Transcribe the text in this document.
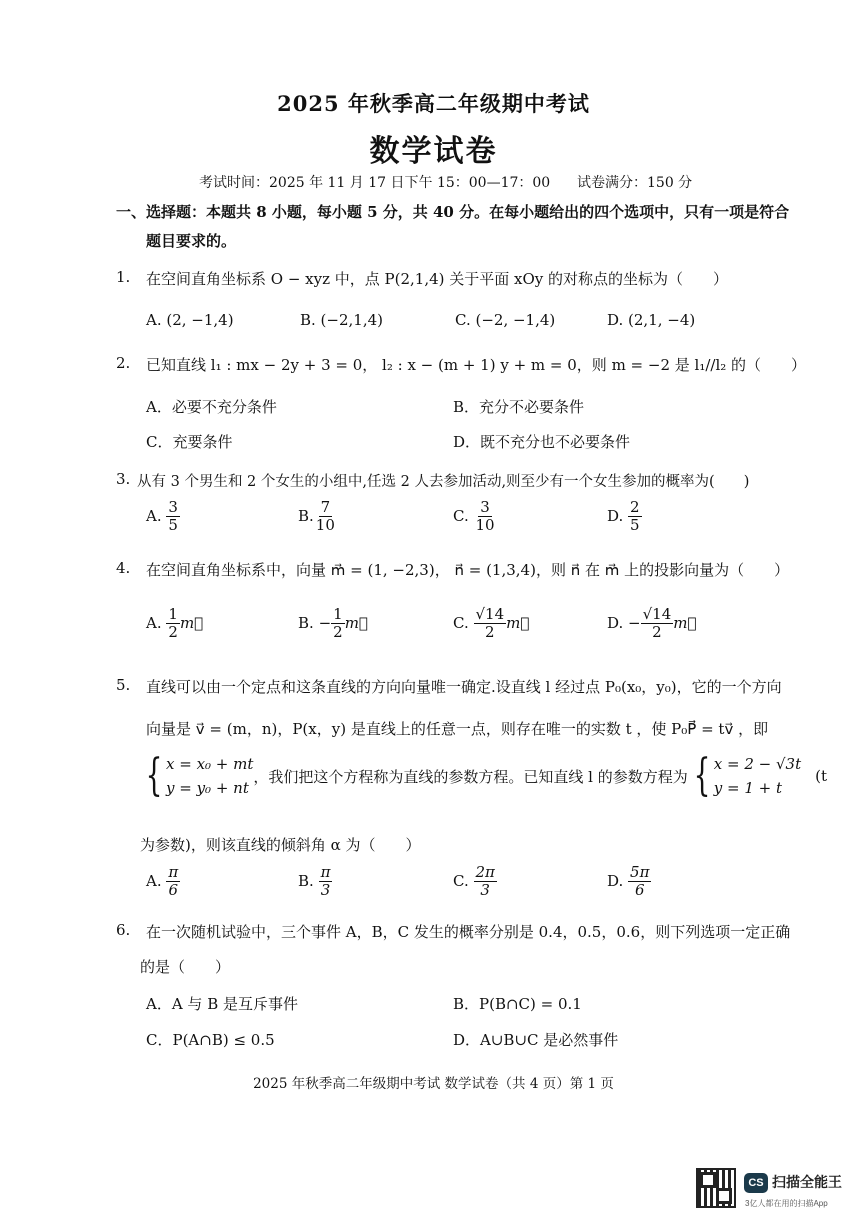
2025 年秋季高二年级期中考试
数学试卷
考试时间：2025 年 11 月 17 日下午 15：00—17：00 试卷满分：150 分
一、选择题：本题共 8 小题，每小题 5 分，共 40 分。在每小题给出的四个选项中，只有一项是符合
题目要求的。
1. 在空间直角坐标系 O − xyz 中，点 P(2,1,4) 关于平面 xOy 的对称点的坐标为（　　）
A. (2, −1,4)	B. (−2,1,4)	C. (−2, −1,4)	D. (2,1, −4)
2. 已知直线 l₁ : mx − 2y + 3 = 0， l₂ : x − (m + 1) y + m = 0，则 m = −2 是 l₁//l₂ 的（　　）
A．必要不充分条件	B．充分不必要条件
C．充要条件	D．既不充分也不必要条件
3. 从有 3 个男生和 2 个女生的小组中,任选 2 人去参加活动,则至少有一个女生参加的概率为(　　)
A. $\frac{3}{5}$	B. $\frac{7}{10}$	C. $\frac{3}{10}$	D. $\frac{2}{5}$
4. 在空间直角坐标系中，向量 m⃗ = (1, −2,3)， n⃗ = (1,3,4)，则 n⃗ 在 m⃗ 上的投影向量为（　　）
A. $\frac{1}{2}$ m⃗	B. − $\frac{1}{2}$ m⃗	C. $\frac{√14}{2}$ m⃗	D. − $\frac{√14}{2}$ m⃗
5. 直线可以由一个定点和这条直线的方向向量唯一确定.设直线 l 经过点 P₀(x₀，y₀)，它的一个方向
向量是 v⃗ = (m，n)，P(x，y) 是直线上的任意一点，则存在唯一的实数 t ，使 P₀P⃗ = tv⃗ ，即
{ x = x₀ + mt
y = y₀ + nt
，我们把这个方程称为直线的参数方程。已知直线 l 的参数方程为 { x = 2 − √3t
y = 1 + t
(t
为参数)，则该直线的倾斜角 α 为（　　）
A. $\frac{\pi}{6}$	B. $\frac{\pi}{3}$	C. $\frac{2\pi}{3}$	D. $\frac{5\pi}{6}$
6. 在一次随机试验中，三个事件 A，B，C 发生的概率分别是 0.4，0.5，0.6，则下列选项一定正确
的是（　　）
A．A 与 B 是互斥事件	B．P(B∩C) = 0.1
C．P(A∩B) ≤ 0.5	D．A∪B∪C 是必然事件
2025 年秋季高二年级期中考试 数学试卷（共 4 页）第 1 页
CS 扫描全能王
3亿人都在用的扫描App
